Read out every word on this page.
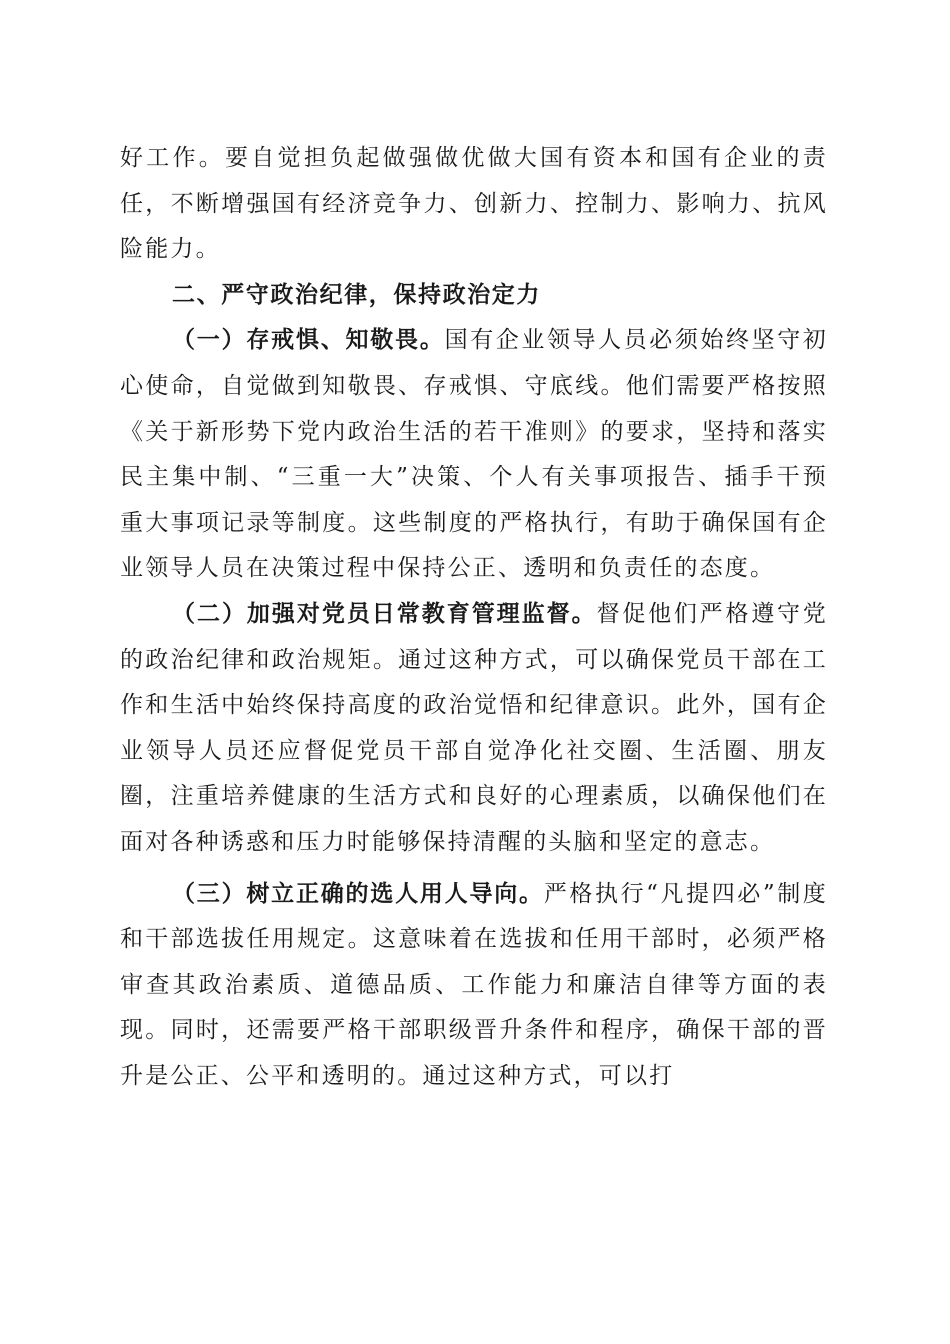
好工作。要自觉担负起做强做优做大国有资本和国有企业的责任，不断增强国有经济竞争力、创新力、控制力、影响力、抗风险能力。

二、严守政治纪律，保持政治定力

（一）存戒惧、知敬畏。国有企业领导人员必须始终坚守初心使命，自觉做到知敬畏、存戒惧、守底线。他们需要严格按照《关于新形势下党内政治生活的若干准则》的要求，坚持和落实民主集中制、“三重一大”决策、个人有关事项报告、插手干预重大事项记录等制度。这些制度的严格执行，有助于确保国有企业领导人员在决策过程中保持公正、透明和负责任的态度。

（二）加强对党员日常教育管理监督。督促他们严格遵守党的政治纪律和政治规矩。通过这种方式，可以确保党员干部在工作和生活中始终保持高度的政治觉悟和纪律意识。此外，国有企业领导人员还应督促党员干部自觉净化社交圈、生活圈、朋友圈，注重培养健康的生活方式和良好的心理素质，以确保他们在面对各种诱惑和压力时能够保持清醒的头脑和坚定的意志。

（三）树立正确的选人用人导向。严格执行“凡提四必”制度和干部选拔任用规定。这意味着在选拔和任用干部时，必须严格审查其政治素质、道德品质、工作能力和廉洁自律等方面的表现。同时，还需要严格干部职级晋升条件和程序，确保干部的晋升是公正、公平和透明的。通过这种方式，可以打
